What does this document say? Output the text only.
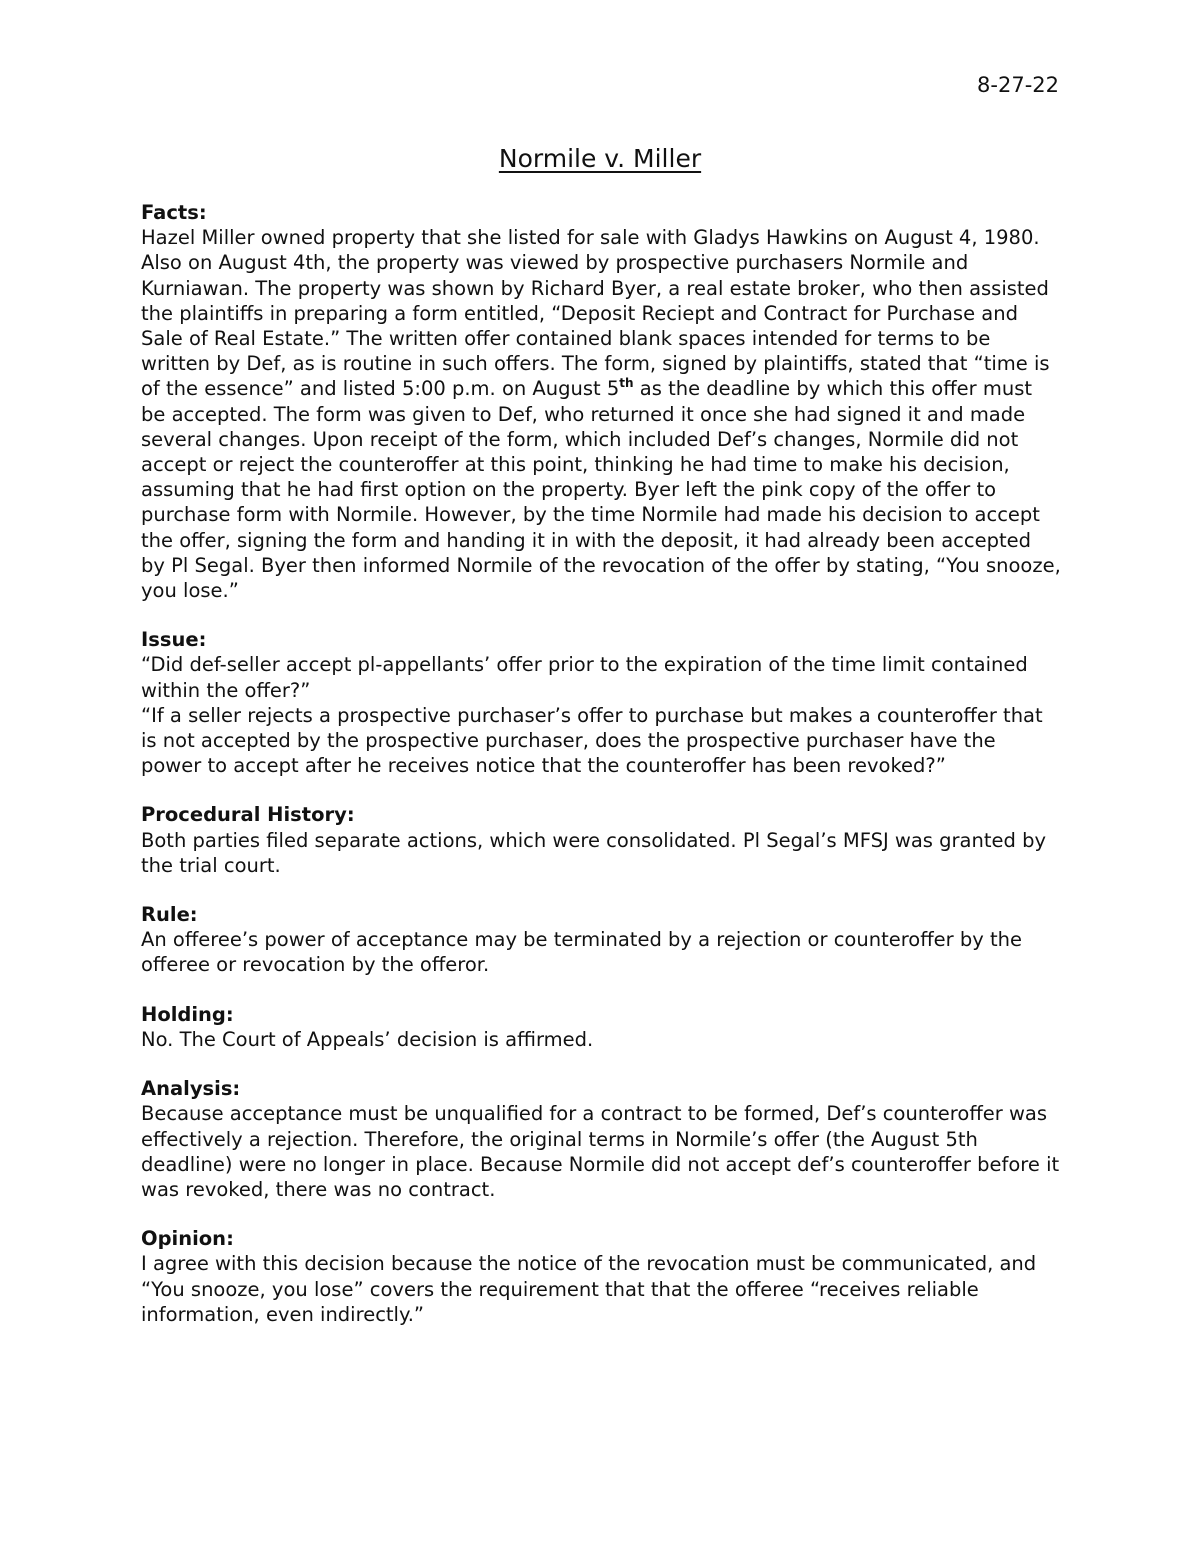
8-27-22
Normile v. Miller
Facts:

Hazel Miller owned property that she listed for sale with Gladys Hawkins on August 4, 1980. Also on August 4th, the property was viewed by prospective purchasers Normile and Kurniawan. The property was shown by Richard Byer, a real estate broker, who then assisted the plaintiffs in preparing a form entitled, “Deposit Reciept and Contract for Purchase and Sale of Real Estate.” The written offer contained blank spaces intended for terms to be written by Def, as is routine in such offers. The form, signed by plaintiffs, stated that “time is of the essence” and listed 5:00 p.m. on August 5th as the deadline by which this offer must be accepted. The form was given to Def, who returned it once she had signed it and made several changes. Upon receipt of the form, which included Def’s changes, Normile did not accept or reject the counteroffer at this point, thinking he had time to make his decision, assuming that he had first option on the property. Byer left the pink copy of the offer to purchase form with Normile. However, by the time Normile had made his decision to accept the offer, signing the form and handing it in with the deposit, it had already been accepted by Pl Segal. Byer then informed Normile of the revocation of the offer by stating, “You snooze, you lose.”

Issue:

“Did def-seller accept pl-appellants’ offer prior to the expiration of the time limit contained within the offer?”

“If a seller rejects a prospective purchaser’s offer to purchase but makes a counteroffer that is not accepted by the prospective purchaser, does the prospective purchaser have the power to accept after he receives notice that the counteroffer has been revoked?”

Procedural History:

Both parties filed separate actions, which were consolidated. Pl Segal’s MFSJ was granted by the trial court.

Rule:

An offeree’s power of acceptance may be terminated by a rejection or counteroffer by the offeree or revocation by the offeror.

Holding:

No. The Court of Appeals’ decision is affirmed.

Analysis:

Because acceptance must be unqualified for a contract to be formed, Def’s counteroffer was effectively a rejection. Therefore, the original terms in Normile’s offer (the August 5th deadline) were no longer in place. Because Normile did not accept def’s counteroffer before it was revoked, there was no contract.

Opinion:

I agree with this decision because the notice of the revocation must be communicated, and “You snooze, you lose” covers the requirement that that the offeree “receives reliable information, even indirectly.”
